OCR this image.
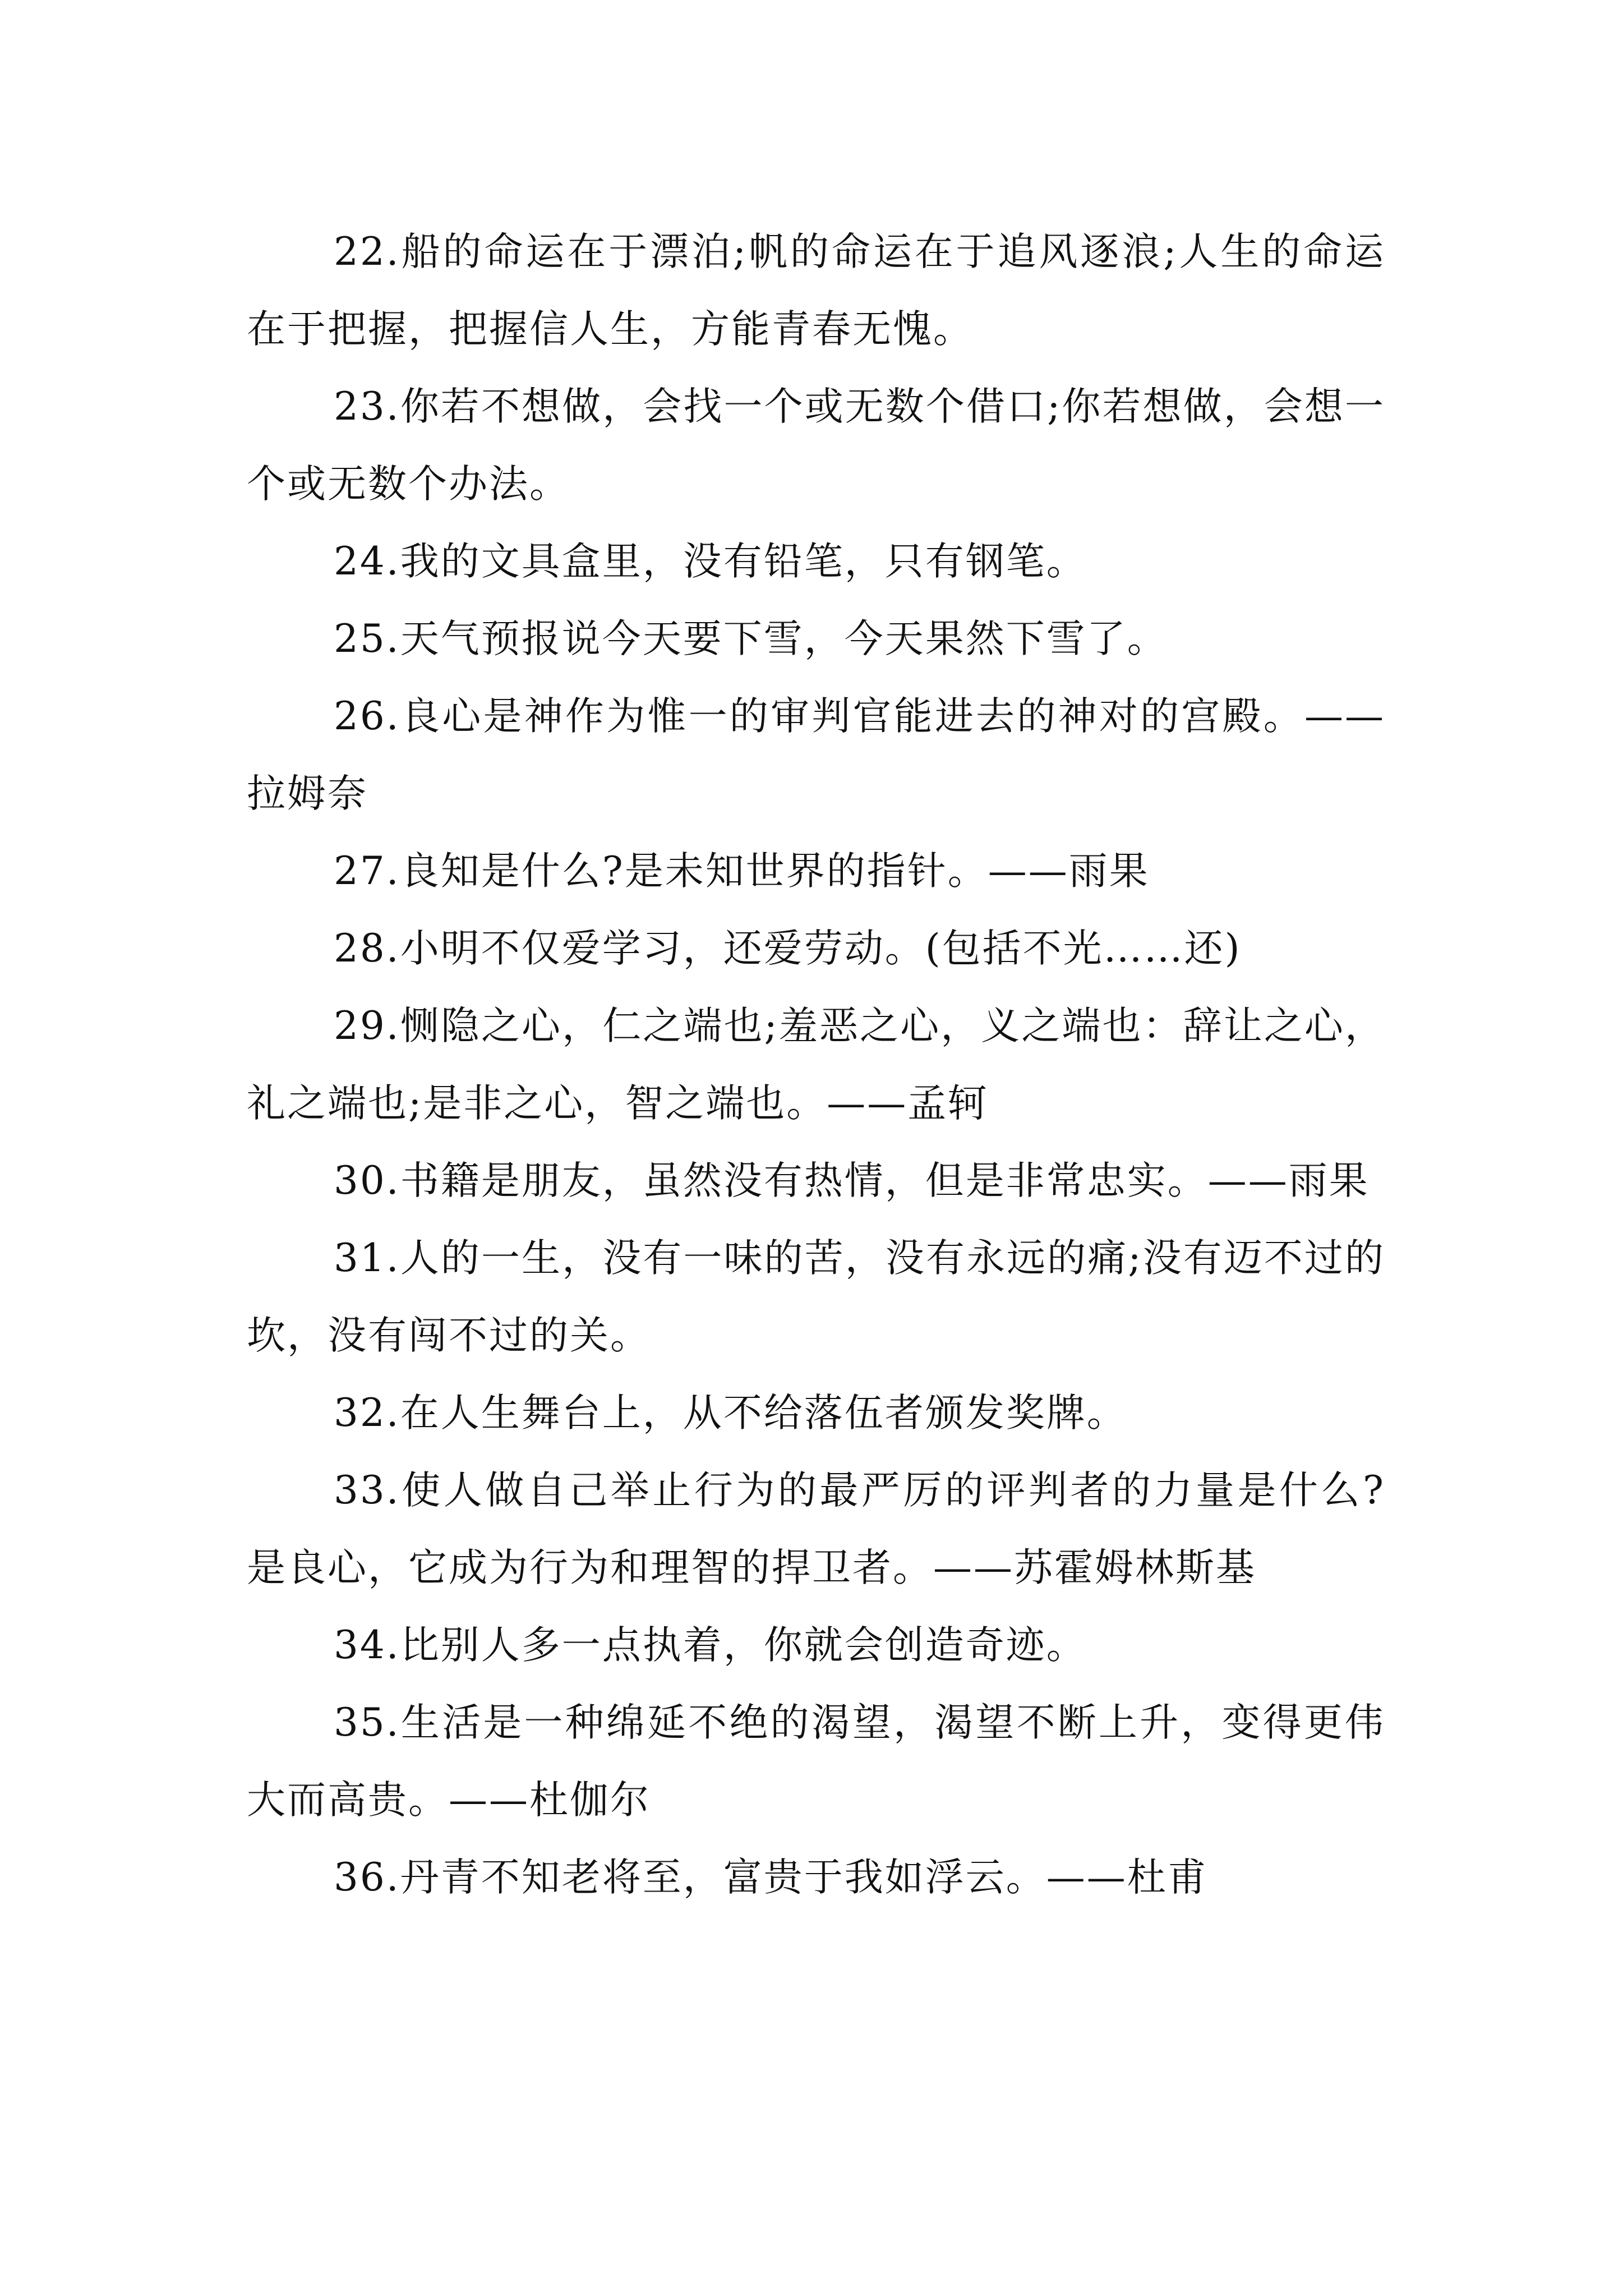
22.船的命运在于漂泊;帆的命运在于追风逐浪;人生的命运在于把握，把握信人生，方能青春无愧。

23.你若不想做，会找一个或无数个借口;你若想做，会想一个或无数个办法。

24.我的文具盒里，没有铅笔，只有钢笔。

25.天气预报说今天要下雪，今天果然下雪了。

26.良心是神作为惟一的审判官能进去的神对的宫殿。——拉姆奈

27.良知是什么?是未知世界的指针。——雨果

28.小明不仅爱学习，还爱劳动。(包括不光……还)

29.恻隐之心，仁之端也;羞恶之心，义之端也：辞让之心，礼之端也;是非之心，智之端也。——孟轲

30.书籍是朋友，虽然没有热情，但是非常忠实。——雨果

31.人的一生，没有一味的苦，没有永远的痛;没有迈不过的坎，没有闯不过的关。

32.在人生舞台上，从不给落伍者颁发奖牌。

33.使人做自己举止行为的最严厉的评判者的力量是什么?是良心，它成为行为和理智的捍卫者。——苏霍姆林斯基

34.比别人多一点执着，你就会创造奇迹。

35.生活是一种绵延不绝的渴望，渴望不断上升，变得更伟大而高贵。——杜伽尔

36.丹青不知老将至，富贵于我如浮云。——杜甫
